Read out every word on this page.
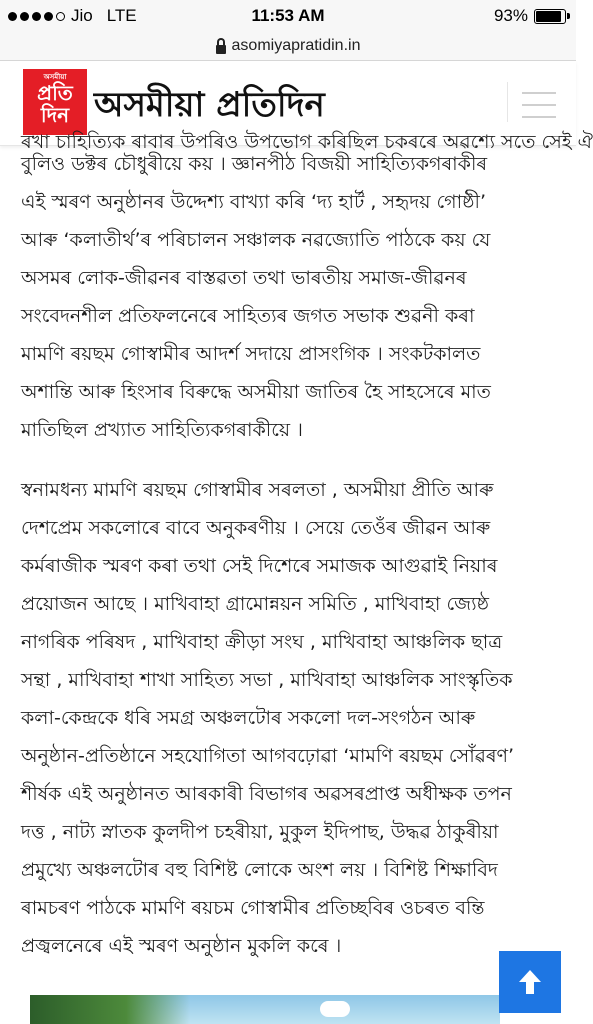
Jio LTE	11:53 AM	93%
asomiyapratidin.in
অসমীয়া
প্ৰতি
দিন অসমীয়া প্ৰতিদিন
ৰখা চাহিত্যিক ৰাবাৰ উপৰিও উপভোগ কৰিছিল চকৰৰে অৱশ্যে সতে সেই ঐ
বুলিও ডক্টৰ চৌধুৰীয়ে কয় । জ্ঞানপীঠ বিজয়ী সাহিত্যিকগৰাকীৰ
এই স্মৰণ অনুষ্ঠানৰ উদ্দেশ্য বাখ্যা কৰি ‘দ্য হাৰ্ট , সহৃদয় গোষ্ঠী’
আৰু ‘কলাতীৰ্থ’ৰ পৰিচালন সঞ্চালক নৱজ্যোতি পাঠকে কয় যে
অসমৰ লোক-জীৱনৰ বাস্তৱতা তথা ভাৰতীয় সমাজ-জীৱনৰ
সংবেদনশীল প্ৰতিফলনেৰে সাহিত্যৰ জগত সভাক শুৱনী কৰা
মামণি ৰয়ছম গোস্বামীৰ আদৰ্শ সদায়ে প্ৰাসংগিক । সংকটকালত
অশান্তি আৰু হিংসাৰ বিৰুদ্ধে অসমীয়া জাতিৰ হৈ সাহসেৰে মাত
মাতিছিল প্ৰখ্যাত সাহিত্যিকগৰাকীয়ে ।
স্বনামধন্য মামণি ৰয়ছম গোস্বামীৰ সৰলতা , অসমীয়া প্ৰীতি আৰু
দেশপ্ৰেম সকলোৰে বাবে অনুকৰণীয় । সেয়ে তেওঁৰ জীৱন আৰু
কৰ্মৰাজীক স্মৰণ কৰা তথা সেই দিশেৰে সমাজক আগুৱাই নিয়াৰ
প্ৰয়োজন আছে । মাখিবাহা গ্ৰামোন্নয়ন সমিতি , মাখিবাহা জ্যেষ্ঠ
নাগৰিক পৰিষদ , মাখিবাহা ক্ৰীড়া সংঘ , মাখিবাহা আঞ্চলিক ছাত্ৰ
সন্থা , মাখিবাহা শাখা সাহিত্য সভা , মাখিবাহা আঞ্চলিক সাংস্কৃতিক
কলা-কেন্দ্ৰকে ধৰি সমগ্ৰ অঞ্চলটোৰ সকলো দল-সংগঠন আৰু
অনুষ্ঠান-প্ৰতিষ্ঠানে সহযোগিতা আগবঢ়োৱা ‘মামণি ৰয়ছম সোঁৱৰণ’
শীৰ্ষক এই অনুষ্ঠানত আৰকাৰী বিভাগৰ অৱসৰপ্ৰাপ্ত অধীক্ষক তপন
দত্ত , নাট্য স্নাতক কুলদীপ চহৰীয়া, মুকুল ইদিপাছ, উদ্ধৱ ঠাকুৰীয়া
প্ৰমুখ্যে অঞ্চলটোৰ বহু বিশিষ্ট লোকে অংশ লয় । বিশিষ্ট শিক্ষাবিদ
ৰামচৰণ পাঠকে মামণি ৰয়চম গোস্বামীৰ প্ৰতিচ্ছবিৰ ওচৰত বন্তি
প্ৰজ্বলনেৰে এই স্মৰণ অনুষ্ঠান মুকলি কৰে ।
